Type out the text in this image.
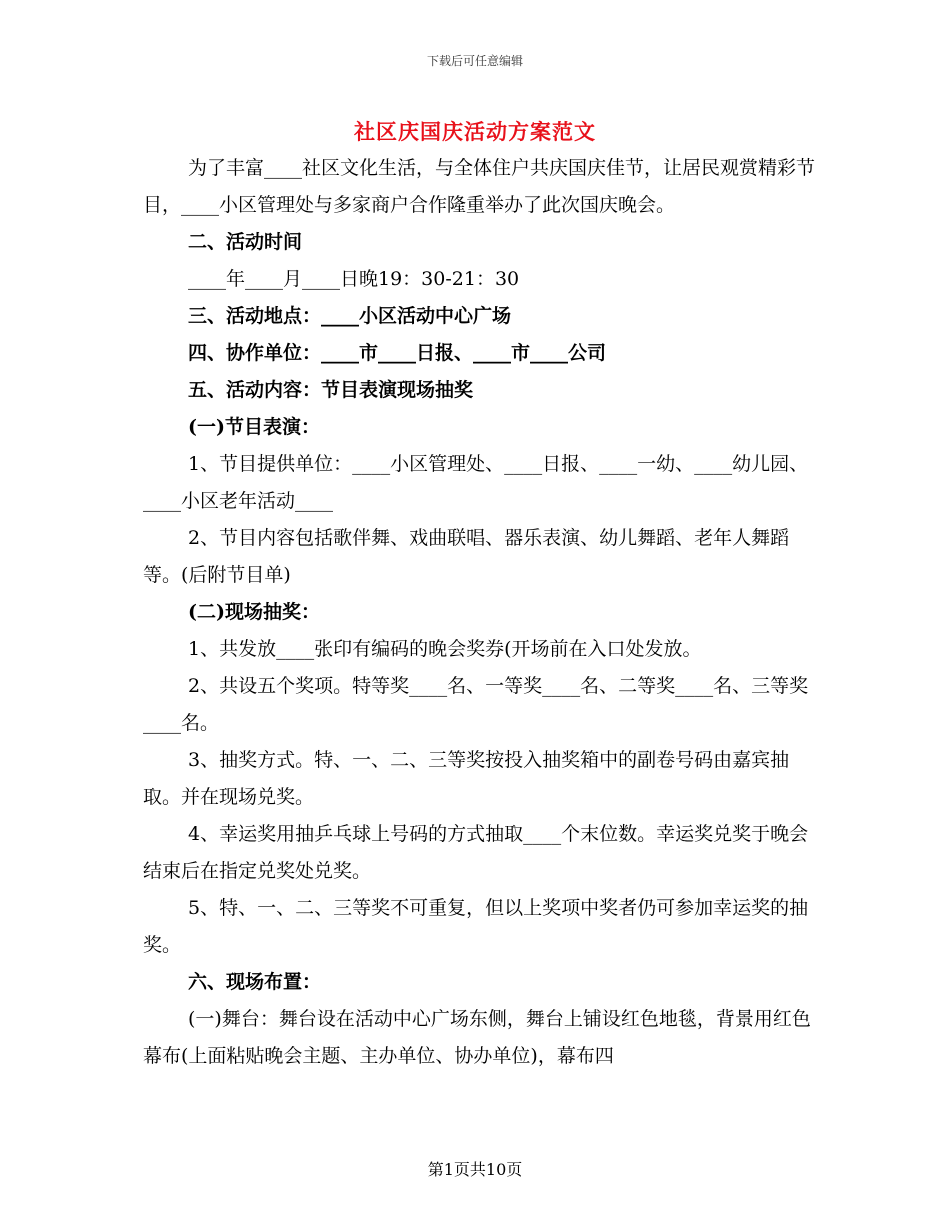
下载后可任意编辑
社区庆国庆活动方案范文

为了丰富____社区文化生活，与全体住户共庆国庆佳节，让居民观赏精彩节目，____小区管理处与多家商户合作隆重举办了此次国庆晚会。

二、活动时间

____年____月____日晚19：30-21：30

三、活动地点：____小区活动中心广场

四、协作单位：____市____日报、____市____公司

五、活动内容：节目表演现场抽奖

(一)节目表演：

1、节目提供单位：____小区管理处、____日报、____一幼、____幼儿园、____小区老年活动____

2、节目内容包括歌伴舞、戏曲联唱、器乐表演、幼儿舞蹈、老年人舞蹈等。(后附节目单)

(二)现场抽奖：

1、共发放____张印有编码的晚会奖券(开场前在入口处发放。

2、共设五个奖项。特等奖____名、一等奖____名、二等奖____名、三等奖____名。

3、抽奖方式。特、一、二、三等奖按投入抽奖箱中的副卷号码由嘉宾抽取。并在现场兑奖。

4、幸运奖用抽乒乓球上号码的方式抽取____个末位数。幸运奖兑奖于晚会结束后在指定兑奖处兑奖。

5、特、一、二、三等奖不可重复，但以上奖项中奖者仍可参加幸运奖的抽奖。

六、现场布置：

(一)舞台：舞台设在活动中心广场东侧，舞台上铺设红色地毯，背景用红色幕布(上面粘贴晚会主题、主办单位、协办单位)，幕布四

第1页共10页
